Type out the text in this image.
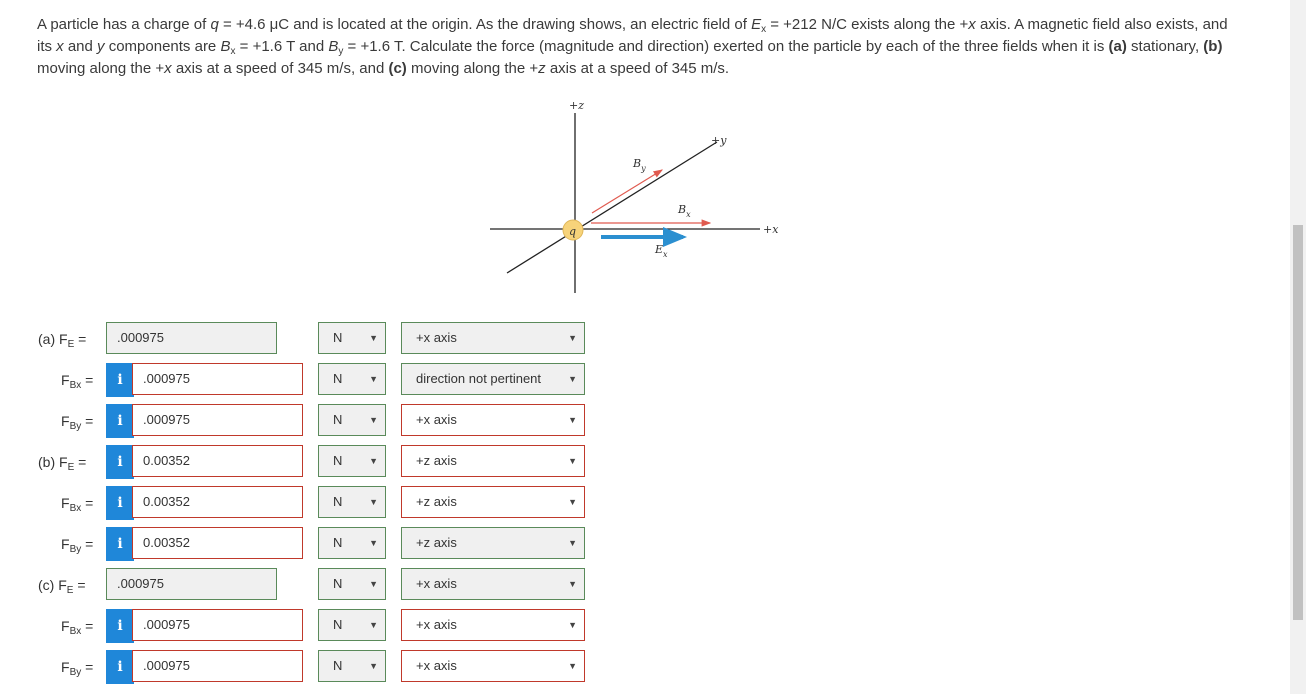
A particle has a charge of q = +4.6 μC and is located at the origin. As the drawing shows, an electric field of $E_x = +212$ N/C exists along the +x axis. A magnetic field also exists, and its x and y components are $B_x = +1.6$ T and $B_y = +1.6$ T. Calculate the force (magnitude and direction) exerted on the particle by each of the three fields when it is (a) stationary, (b) moving along the +x axis at a speed of 345 m/s, and (c) moving along the +z axis at a speed of 345 m/s.
q
+z
+y
+x
$B_y$
$B_x$
$E_x$
(a) $F_E$ =	.000975	N	▼	+x axis	▼
$F_{Bx}$ =	i	.000975	N	▼	direction not pertinent	▼
$F_{By}$ =	i	.000975	N	▼	+x axis	▼
(b) $F_E$ =	i	0.00352	N	▼	+z axis	▼
$F_{Bx}$ =	i	0.00352	N	▼	+z axis	▼
$F_{By}$ =	i	0.00352	N	▼	+z axis	▼
(c) $F_E$ =	.000975	N	▼	+x axis	▼
$F_{Bx}$ =	i	.000975	N	▼	+x axis	▼
$F_{By}$ =	i	.000975	N	▼	+x axis	▼
